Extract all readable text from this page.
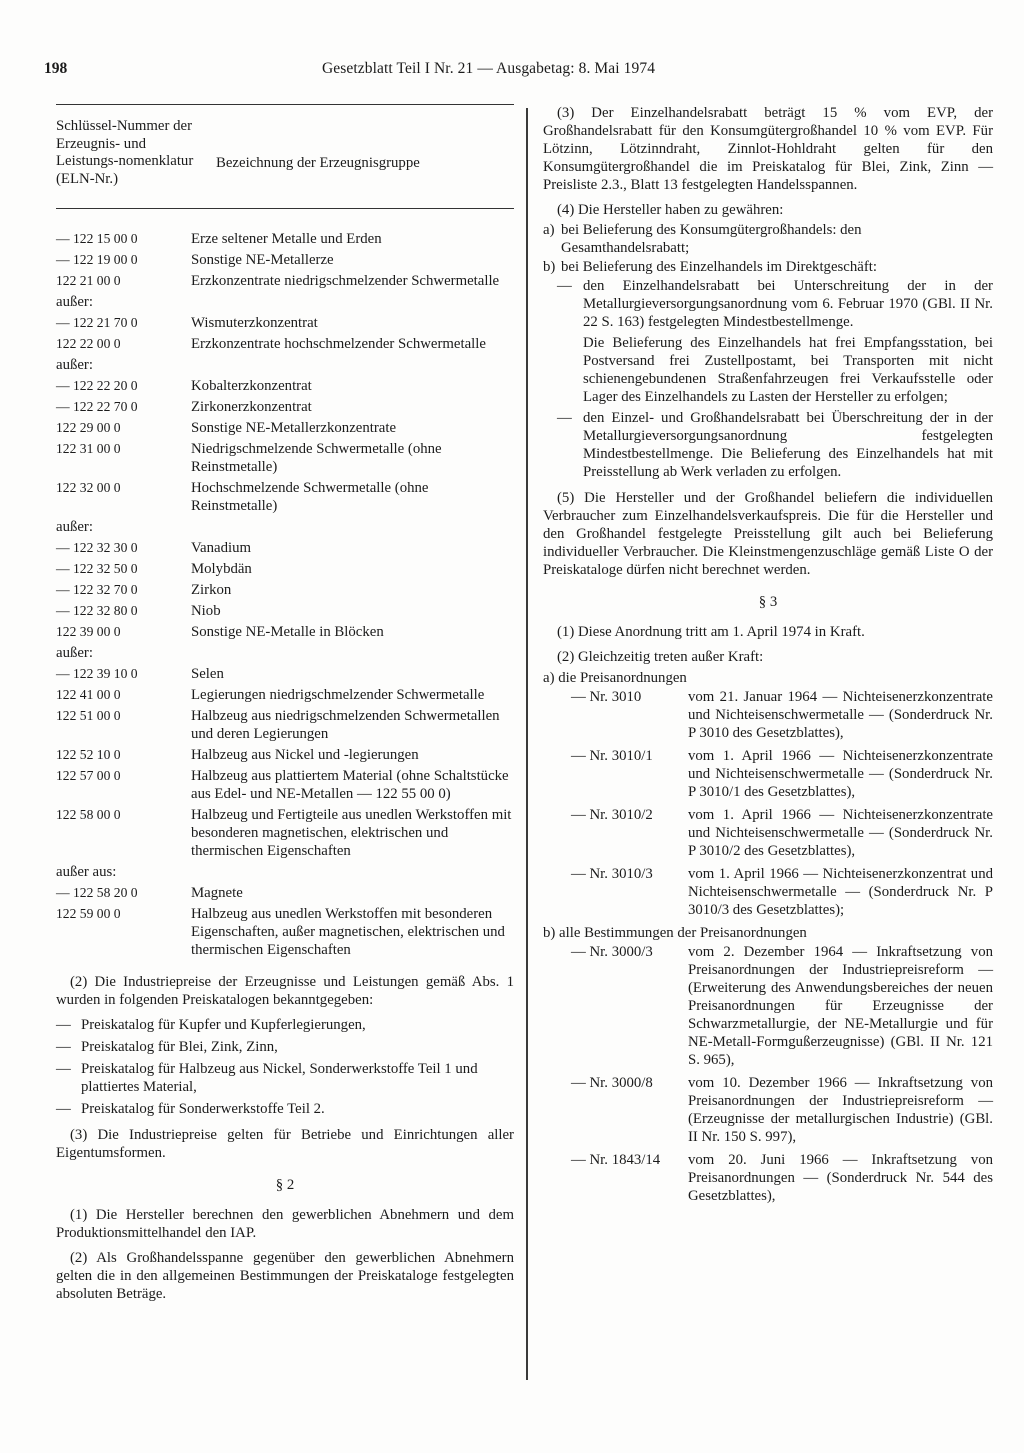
198	Gesetzblatt Teil I Nr. 21 — Ausgabetag: 8. Mai 1974
Schlüssel-Nummer der Erzeugnis- und Leistungs-nomenklatur (ELN-Nr.)
Bezeichnung der Erzeugnisgruppe
— 122 15 00 0	Erze seltener Metalle und Erden
— 122 19 00 0	Sonstige NE-Metallerze
122 21 00 0	Erzkonzentrate niedrigschmelzender Schwermetalle
außer:
— 122 21 70 0	Wismuterzkonzentrat
122 22 00 0	Erzkonzentrate hochschmelzender Schwermetalle
außer:
— 122 22 20 0	Kobalterzkonzentrat
— 122 22 70 0	Zirkonerzkonzentrat
122 29 00 0	Sonstige NE-Metallerzkonzentrate
122 31 00 0	Niedrigschmelzende Schwermetalle (ohne Reinstmetalle)
122 32 00 0	Hochschmelzende Schwermetalle (ohne Reinstmetalle)
außer:
— 122 32 30 0	Vanadium
— 122 32 50 0	Molybdän
— 122 32 70 0	Zirkon
— 122 32 80 0	Niob
122 39 00 0	Sonstige NE-Metalle in Blöcken
außer:
— 122 39 10 0	Selen
122 41 00 0	Legierungen niedrigschmelzender Schwermetalle
122 51 00 0	Halbzeug aus niedrigschmelzenden Schwermetallen und deren Legierungen
122 52 10 0	Halbzeug aus Nickel und -legierungen
122 57 00 0	Halbzeug aus plattiertem Material (ohne Schaltstücke aus Edel- und NE-Metallen — 122 55 00 0)
122 58 00 0	Halbzeug und Fertigteile aus unedlen Werkstoffen mit besonderen magnetischen, elektrischen und thermischen Eigenschaften
außer aus:
— 122 58 20 0	Magnete
122 59 00 0	Halbzeug aus unedlen Werkstoffen mit besonderen Eigenschaften, außer magnetischen, elektrischen und thermischen Eigenschaften
(2) Die Industriepreise der Erzeugnisse und Leistungen gemäß Abs. 1 wurden in folgenden Preiskatalogen bekanntgegeben:
— Preiskatalog für Kupfer und Kupferlegierungen,
— Preiskatalog für Blei, Zink, Zinn,
— Preiskatalog für Halbzeug aus Nickel, Sonderwerkstoffe Teil 1 und plattiertes Material,
— Preiskatalog für Sonderwerkstoffe Teil 2.
(3) Die Industriepreise gelten für Betriebe und Einrichtungen aller Eigentumsformen.
§ 2
(1) Die Hersteller berechnen den gewerblichen Abnehmern und dem Produktionsmittelhandel den IAP.
(2) Als Großhandelsspanne gegenüber den gewerblichen Abnehmern gelten die in den allgemeinen Bestimmungen der Preiskataloge festgelegten absoluten Beträge.
(3) Der Einzelhandelsrabatt beträgt 15 % vom EVP, der Großhandelsrabatt für den Konsumgütergroßhandel 10 % vom EVP. Für Lötzinn, Lötzinndraht, Zinnlot-Hohldraht gelten für den Konsumgütergroßhandel die im Preiskatalog für Blei, Zink, Zinn — Preisliste 2.3., Blatt 13 festgelegten Handelsspannen.
(4) Die Hersteller haben zu gewähren:
a) bei Belieferung des Konsumgütergroßhandels: den Gesamthandelsrabatt;
b) bei Belieferung des Einzelhandels im Direktgeschäft:
— den Einzelhandelsrabatt bei Unterschreitung der in der Metallurgieversorgungsanordnung vom 6. Februar 1970 (GBl. II Nr. 22 S. 163) festgelegten Mindestbestellmenge.
Die Belieferung des Einzelhandels hat frei Empfangsstation, bei Postversand frei Zustellpostamt, bei Transporten mit nicht schienengebundenen Straßenfahrzeugen frei Verkaufsstelle oder Lager des Einzelhandels zu Lasten der Hersteller zu erfolgen;
— den Einzel- und Großhandelsrabatt bei Überschreitung der in der Metallurgieversorgungsanordnung festgelegten Mindestbestellmenge. Die Belieferung des Einzelhandels hat mit Preisstellung ab Werk verladen zu erfolgen.
(5) Die Hersteller und der Großhandel beliefern die individuellen Verbraucher zum Einzelhandelsverkaufspreis. Die für die Hersteller und den Großhandel festgelegte Preisstellung gilt auch bei Belieferung individueller Verbraucher. Die Kleinstmengenzuschläge gemäß Liste O der Preiskataloge dürfen nicht berechnet werden.
§ 3
(1) Diese Anordnung tritt am 1. April 1974 in Kraft.
(2) Gleichzeitig treten außer Kraft:
a) die Preisanordnungen
— Nr. 3010	vom 21. Januar 1964 — Nichteisenerzkonzentrate und Nichteisenschwermetalle — (Sonderdruck Nr. P 3010 des Gesetzblattes),
— Nr. 3010/1	vom 1. April 1966 — Nichteisenerzkonzentrate und Nichteisenschwermetalle — (Sonderdruck Nr. P 3010/1 des Gesetzblattes),
— Nr. 3010/2	vom 1. April 1966 — Nichteisenerzkonzentrate und Nichteisenschwermetalle — (Sonderdruck Nr. P 3010/2 des Gesetzblattes),
— Nr. 3010/3	vom 1. April 1966 — Nichteisenerzkonzentrat und Nichteisenschwermetalle — (Sonderdruck Nr. P 3010/3 des Gesetzblattes);
b) alle Bestimmungen der Preisanordnungen
— Nr. 3000/3	vom 2. Dezember 1964 — Inkraftsetzung von Preisanordnungen der Industriepreisreform — (Erweiterung des Anwendungsbereiches der neuen Preisanordnungen für Erzeugnisse der Schwarzmetallurgie, der NE-Metallurgie und für NE-Metall-Formgußerzeugnisse) (GBl. II Nr. 121 S. 965),
— Nr. 3000/8	vom 10. Dezember 1966 — Inkraftsetzung von Preisanordnungen der Industriepreisreform — (Erzeugnisse der metallurgischen Industrie) (GBl. II Nr. 150 S. 997),
— Nr. 1843/14	vom 20. Juni 1966 — Inkraftsetzung von Preisanordnungen — (Sonderdruck Nr. 544 des Gesetzblattes),
